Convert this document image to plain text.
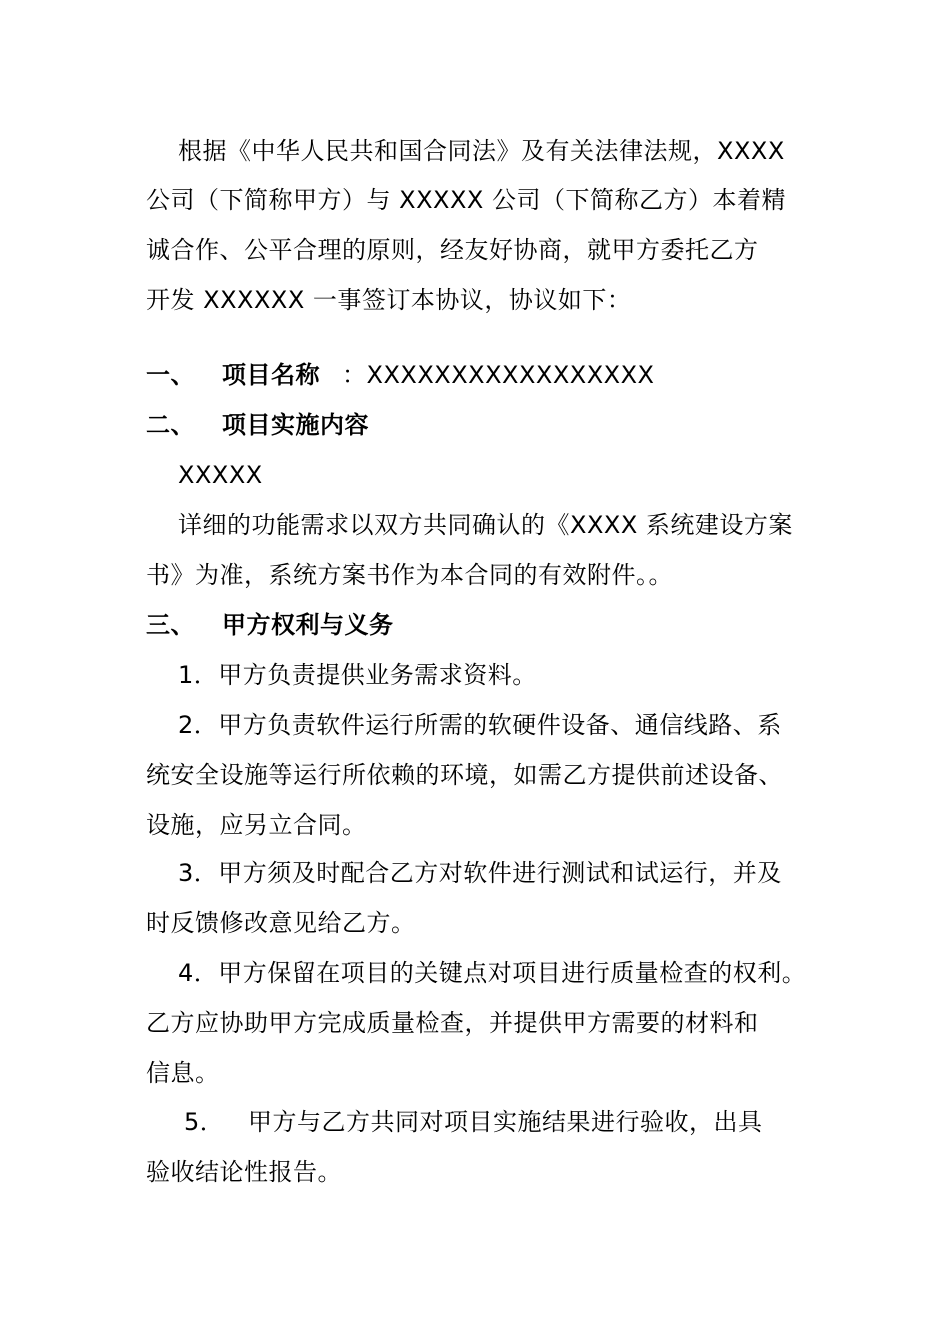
根据《中华人民共和国合同法》及有关法律法规，XXXX
公司（下简称甲方）与 XXXXX 公司（下简称乙方）本着精
诚合作、公平合理的原则，经友好协商，就甲方委托乙方
开发 XXXXXX 一事签订本协议，协议如下：
一、 项目名称 ：XXXXXXXXXXXXXXXXX
二、 项目实施内容
XXXXX
详细的功能需求以双方共同确认的《XXXX 系统建设方案
书》为准，系统方案书作为本合同的有效附件。。
三、 甲方权利与义务
1．甲方负责提供业务需求资料。
2．甲方负责软件运行所需的软硬件设备、通信线路、系
统安全设施等运行所依赖的环境，如需乙方提供前述设备、
设施，应另立合同。
3．甲方须及时配合乙方对软件进行测试和试运行，并及
时反馈修改意见给乙方。
4．甲方保留在项目的关键点对项目进行质量检查的权利。
乙方应协助甲方完成质量检查，并提供甲方需要的材料和
信息。
5． 甲方与乙方共同对项目实施结果进行验收，出具
验收结论性报告。
